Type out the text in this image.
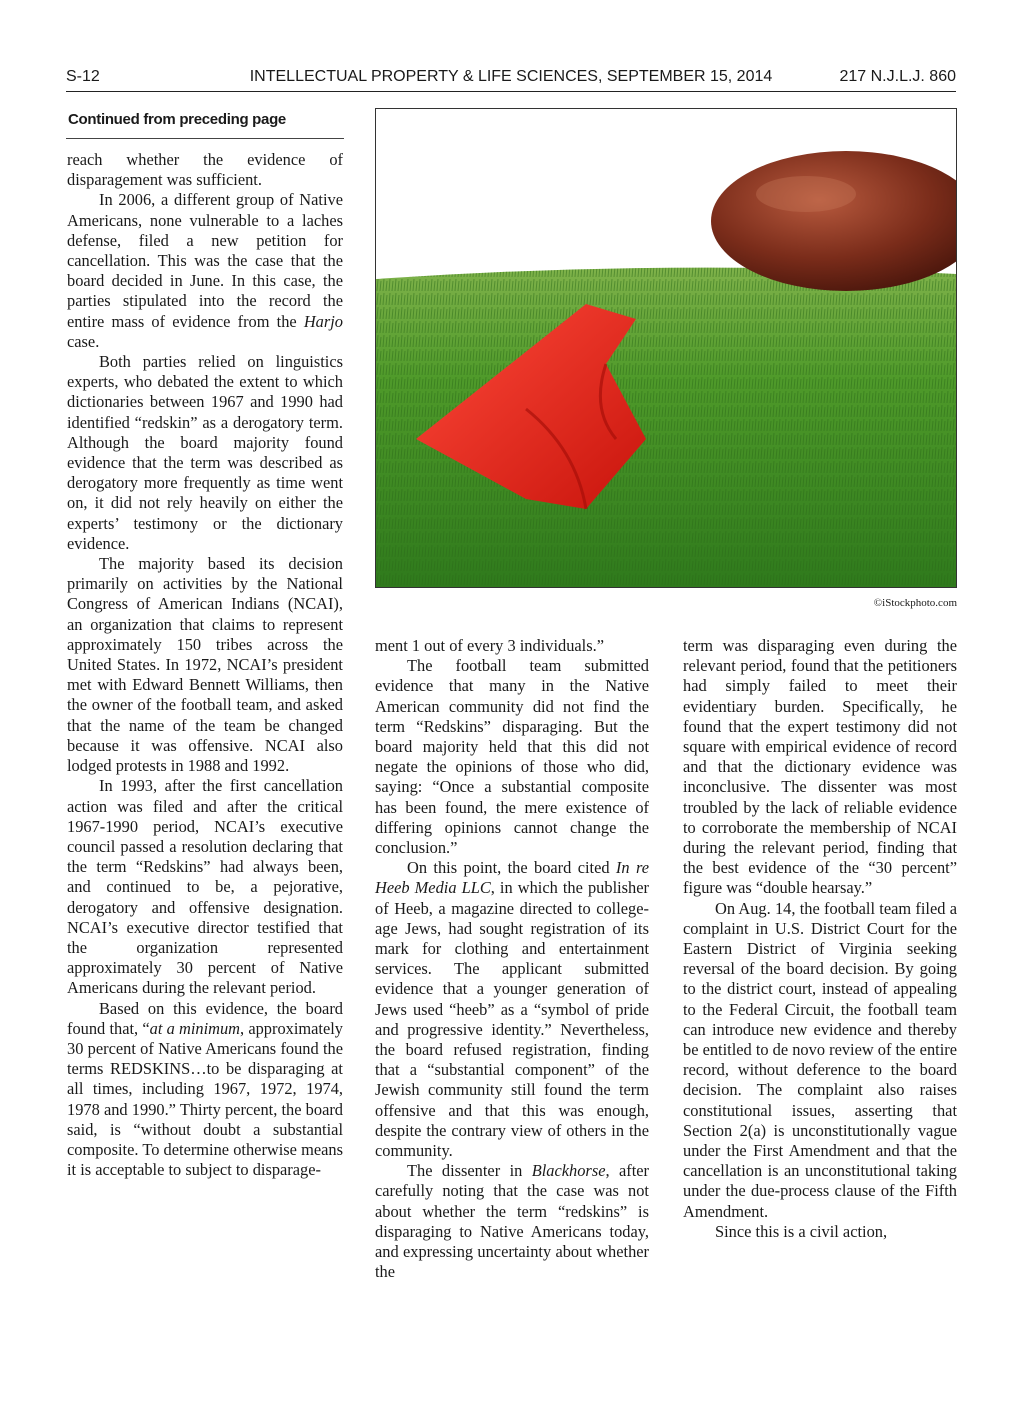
S-12	INTELLECTUAL PROPERTY & LIFE SCIENCES, SEPTEMBER 15, 2014	217 N.J.L.J. 860
Continued from preceding page

reach whether the evidence of disparagement was sufficient.

In 2006, a different group of Native Americans, none vulnerable to a laches defense, filed a new petition for cancellation. This was the case that the board decided in June. In this case, the parties stipulated into the record the entire mass of evidence from the Harjo case.

Both parties relied on linguistics experts, who debated the extent to which dictionaries between 1967 and 1990 had identified “redskin” as a derogatory term. Although the board majority found evidence that the term was described as derogatory more frequently as time went on, it did not rely heavily on either the experts’ testimony or the dictionary evidence.

The majority based its decision primarily on activities by the National Congress of American Indians (NCAI), an organization that claims to represent approximately 150 tribes across the United States. In 1972, NCAI’s president met with Edward Bennett Williams, then the owner of the football team, and asked that the name of the team be changed because it was offensive. NCAI also lodged protests in 1988 and 1992.

In 1993, after the first cancellation action was filed and after the critical 1967-1990 period, NCAI’s executive council passed a resolution declaring that the term “Redskins” had always been, and continued to be, a pejorative, derogatory and offensive designation. NCAI’s executive director testified that the organization represented approximately 30 percent of Native Americans during the relevant period.

Based on this evidence, the board found that, “at a minimum, approximately 30 percent of Native Americans found the terms REDSKINS…to be disparaging at all times, including 1967, 1972, 1974, 1978 and 1990.” Thirty percent, the board said, is “without doubt a substantial composite. To determine otherwise means it is acceptable to subject to disparage-

©iStockphoto.com

ment 1 out of every 3 individuals.”

The football team submitted evidence that many in the Native American community did not find the term “Redskins” disparaging. But the board majority held that this did not negate the opinions of those who did, saying: “Once a substantial composite has been found, the mere existence of differing opinions cannot change the conclusion.”

On this point, the board cited In re Heeb Media LLC, in which the publisher of Heeb, a magazine directed to college-age Jews, had sought registration of its mark for clothing and entertainment services. The applicant submitted evidence that a younger generation of Jews used “heeb” as a “symbol of pride and progressive identity.” Nevertheless, the board refused registration, finding that a “substantial component” of the Jewish community still found the term offensive and that this was enough, despite the contrary view of others in the community.

The dissenter in Blackhorse, after carefully noting that the case was not about whether the term “redskins” is disparaging to Native Americans today, and expressing uncertainty about whether the

term was disparaging even during the relevant period, found that the petitioners had simply failed to meet their evidentiary burden. Specifically, he found that the expert testimony did not square with empirical evidence of record and that the dictionary evidence was inconclusive. The dissenter was most troubled by the lack of reliable evidence to corroborate the membership of NCAI during the relevant period, finding that the best evidence of the “30 percent” figure was “double hearsay.”

On Aug. 14, the football team filed a complaint in U.S. District Court for the Eastern District of Virginia seeking reversal of the board decision. By going to the district court, instead of appealing to the Federal Circuit, the football team can introduce new evidence and thereby be entitled to de novo review of the entire record, without deference to the board decision. The complaint also raises constitutional issues, asserting that Section 2(a) is unconstitutionally vague under the First Amendment and that the cancellation is an unconstitutional taking under the due-process clause of the Fifth Amendment.

Since this is a civil action,
